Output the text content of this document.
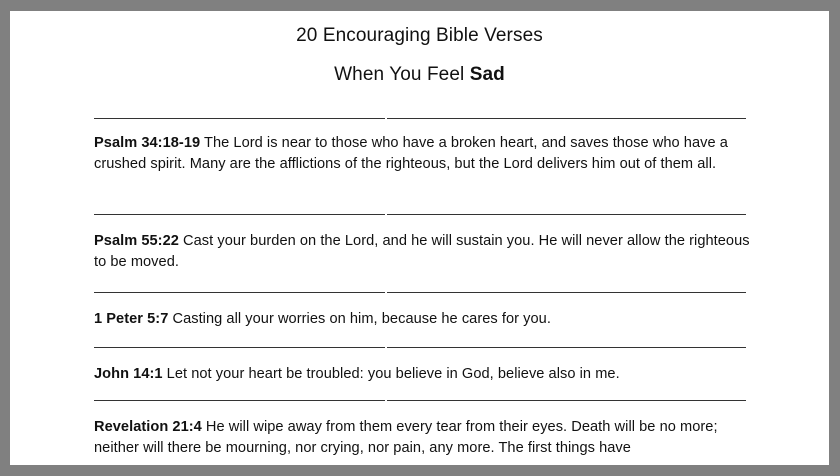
20 Encouraging Bible Verses
When You Feel Sad
Psalm 34:18-19 The Lord is near to those who have a broken heart, and saves those who have a crushed spirit. Many are the afflictions of the righteous, but the Lord delivers him out of them all.
Psalm 55:22 Cast your burden on the Lord, and he will sustain you. He will never allow the righteous to be moved.
1 Peter 5:7 Casting all your worries on him, because he cares for you.
John 14:1 Let not your heart be troubled: you believe in God, believe also in me.
Revelation 21:4 He will wipe away from them every tear from their eyes. Death will be no more; neither will there be mourning, nor crying, nor pain, any more. The first things have
